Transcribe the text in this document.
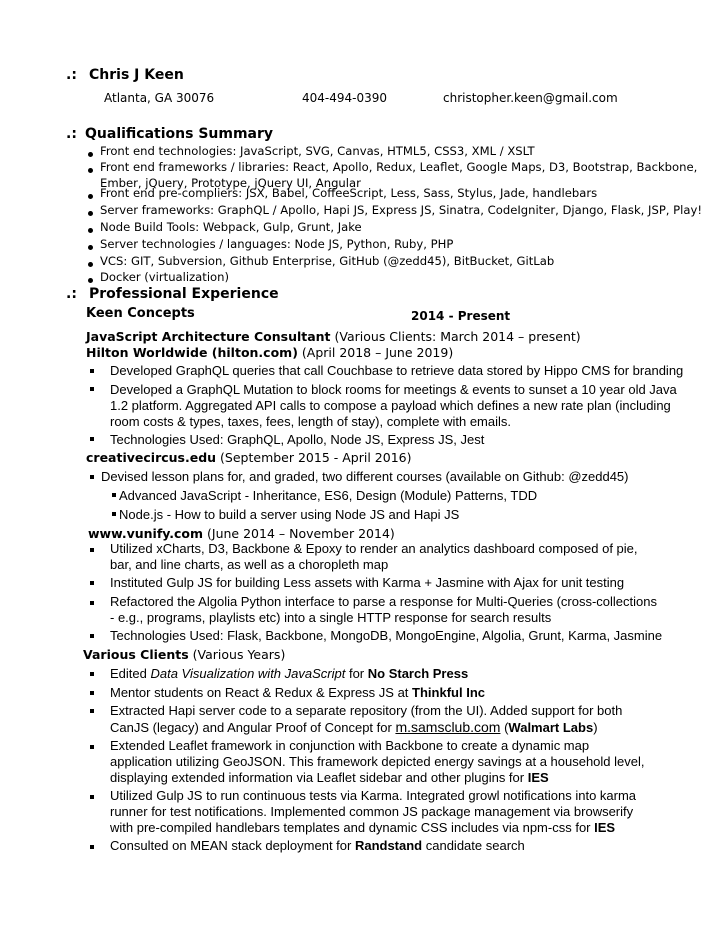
.: Chris J Keen
Atlanta, GA 30076	404-494-0390	christopher.keen@gmail.com
.: Qualifications Summary
Front end technologies: JavaScript, SVG, Canvas, HTML5, CSS3, XML / XSLT
Front end frameworks / libraries: React, Apollo, Redux, Leaflet, Google Maps, D3, Bootstrap, Backbone,
Ember, jQuery, Prototype, jQuery UI, Angular
Front end pre-compliers: JSX, Babel, CoffeeScript, Less, Sass, Stylus, Jade, handlebars
Server frameworks: GraphQL / Apollo, Hapi JS, Express JS, Sinatra, CodeIgniter, Django, Flask, JSP, Play!
Node Build Tools: Webpack, Gulp, Grunt, Jake
Server technologies / languages: Node JS, Python, Ruby, PHP
VCS: GIT, Subversion, Github Enterprise, GitHub (@zedd45), BitBucket, GitLab
Docker (virtualization)
.: Professional Experience
Keen Concepts	2014 - Present
JavaScript Architecture Consultant (Various Clients: March 2014 – present)
Hilton Worldwide (hilton.com) (April 2018 – June 2019)
Developed GraphQL queries that call Couchbase to retrieve data stored by Hippo CMS for branding
Developed a GraphQL Mutation to block rooms for meetings & events to sunset a 10 year old Java
1.2 platform. Aggregated API calls to compose a payload which defines a new rate plan (including
room costs & types, taxes, fees, length of stay), complete with emails.
Technologies Used: GraphQL, Apollo, Node JS, Express JS, Jest
creativecircus.edu (September 2015 - April 2016)
Devised lesson plans for, and graded, two different courses (available on Github: @zedd45)
Advanced JavaScript - Inheritance, ES6, Design (Module) Patterns, TDD
Node.js - How to build a server using Node JS and Hapi JS
www.vunify.com (June 2014 – November 2014)
Utilized xCharts, D3, Backbone & Epoxy to render an analytics dashboard composed of pie,
bar, and line charts, as well as a choropleth map
Instituted Gulp JS for building Less assets with Karma + Jasmine with Ajax for unit testing
Refactored the Algolia Python interface to parse a response for Multi-Queries (cross-collections
- e.g., programs, playlists etc) into a single HTTP response for search results
Technologies Used: Flask, Backbone, MongoDB, MongoEngine, Algolia, Grunt, Karma, Jasmine
Various Clients (Various Years)
Edited Data Visualization with JavaScript for No Starch Press
Mentor students on React & Redux & Express JS at Thinkful Inc
Extracted Hapi server code to a separate repository (from the UI). Added support for both
CanJS (legacy) and Angular Proof of Concept for m.samsclub.com (Walmart Labs)
Extended Leaflet framework in conjunction with Backbone to create a dynamic map
application utilizing GeoJSON. This framework depicted energy savings at a household level,
displaying extended information via Leaflet sidebar and other plugins for IES
Utilized Gulp JS to run continuous tests via Karma. Integrated growl notifications into karma
runner for test notifications. Implemented common JS package management via browserify
with pre-compiled handlebars templates and dynamic CSS includes via npm-css for IES
Consulted on MEAN stack deployment for Randstand candidate search
